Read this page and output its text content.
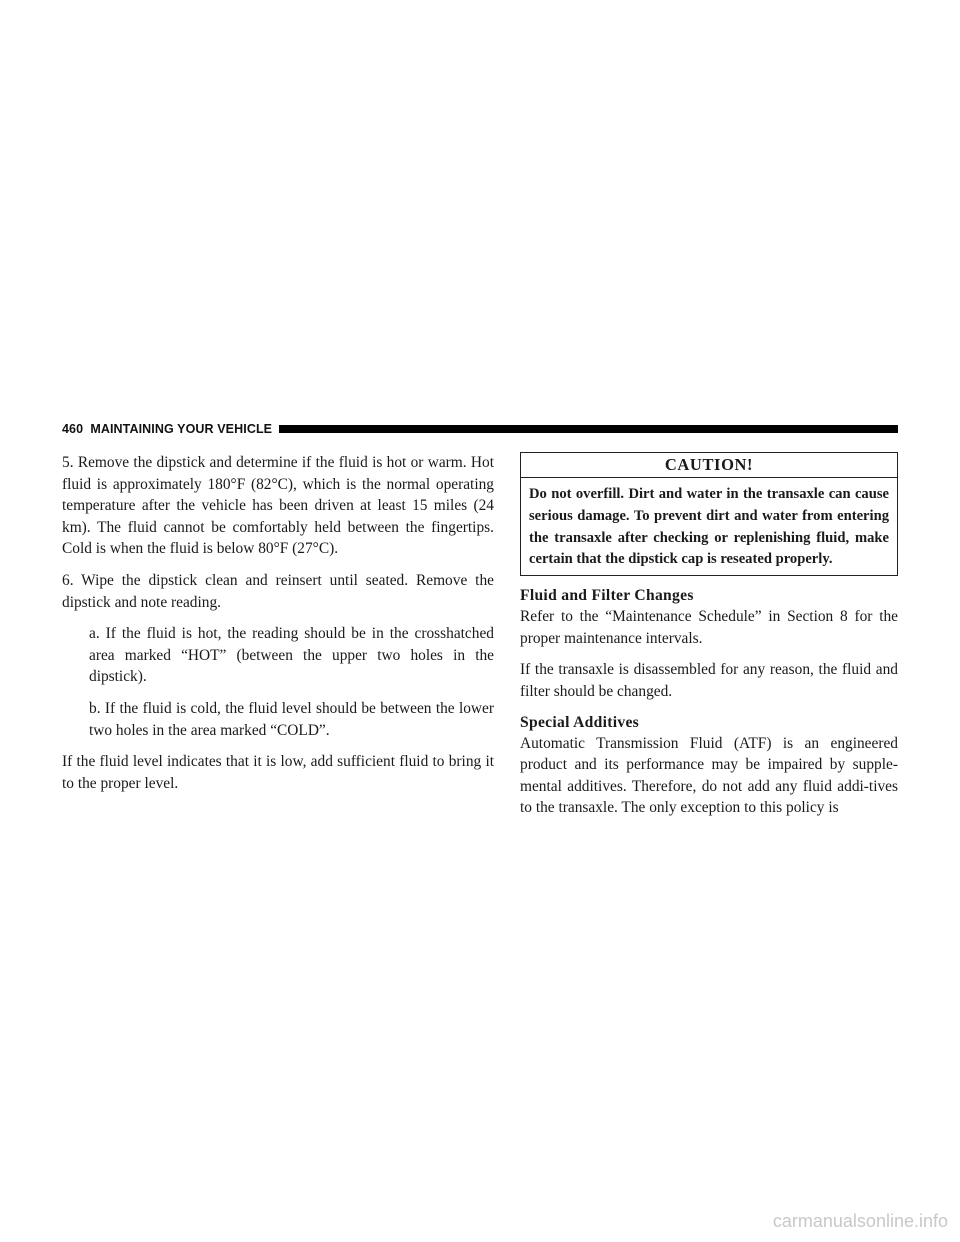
460
MAINTAINING YOUR VEHICLE

5. Remove the dipstick and determine if the fluid is hot or warm. Hot fluid is approximately 180°F (82°C), which is the normal operating temperature after the vehicle has been driven at least 15 miles (24 km). The fluid cannot be comfortably held between the fingertips. Cold is when the fluid is below 80°F (27°C).

6. Wipe the dipstick clean and reinsert until seated. Remove the dipstick and note reading.

a. If the fluid is hot, the reading should be in the crosshatched area marked “HOT” (between the upper two holes in the dipstick).

b. If the fluid is cold, the fluid level should be between the lower two holes in the area marked “COLD”.

If the fluid level indicates that it is low, add sufficient fluid to bring it to the proper level.

CAUTION!
Do not overfill. Dirt and water in the transaxle can cause serious damage. To prevent dirt and water from entering the transaxle after checking or replenishing fluid, make certain that the dipstick cap is reseated properly.
Fluid and Filter Changes

Refer to the “Maintenance Schedule” in Section 8 for the proper maintenance intervals.

If the transaxle is disassembled for any reason, the fluid and filter should be changed.

Special Additives

Automatic Transmission Fluid (ATF) is an engineered product and its performance may be impaired by supple-mental additives. Therefore, do not add any fluid addi-tives to the transaxle. The only exception to this policy is

carmanualsonline.info
